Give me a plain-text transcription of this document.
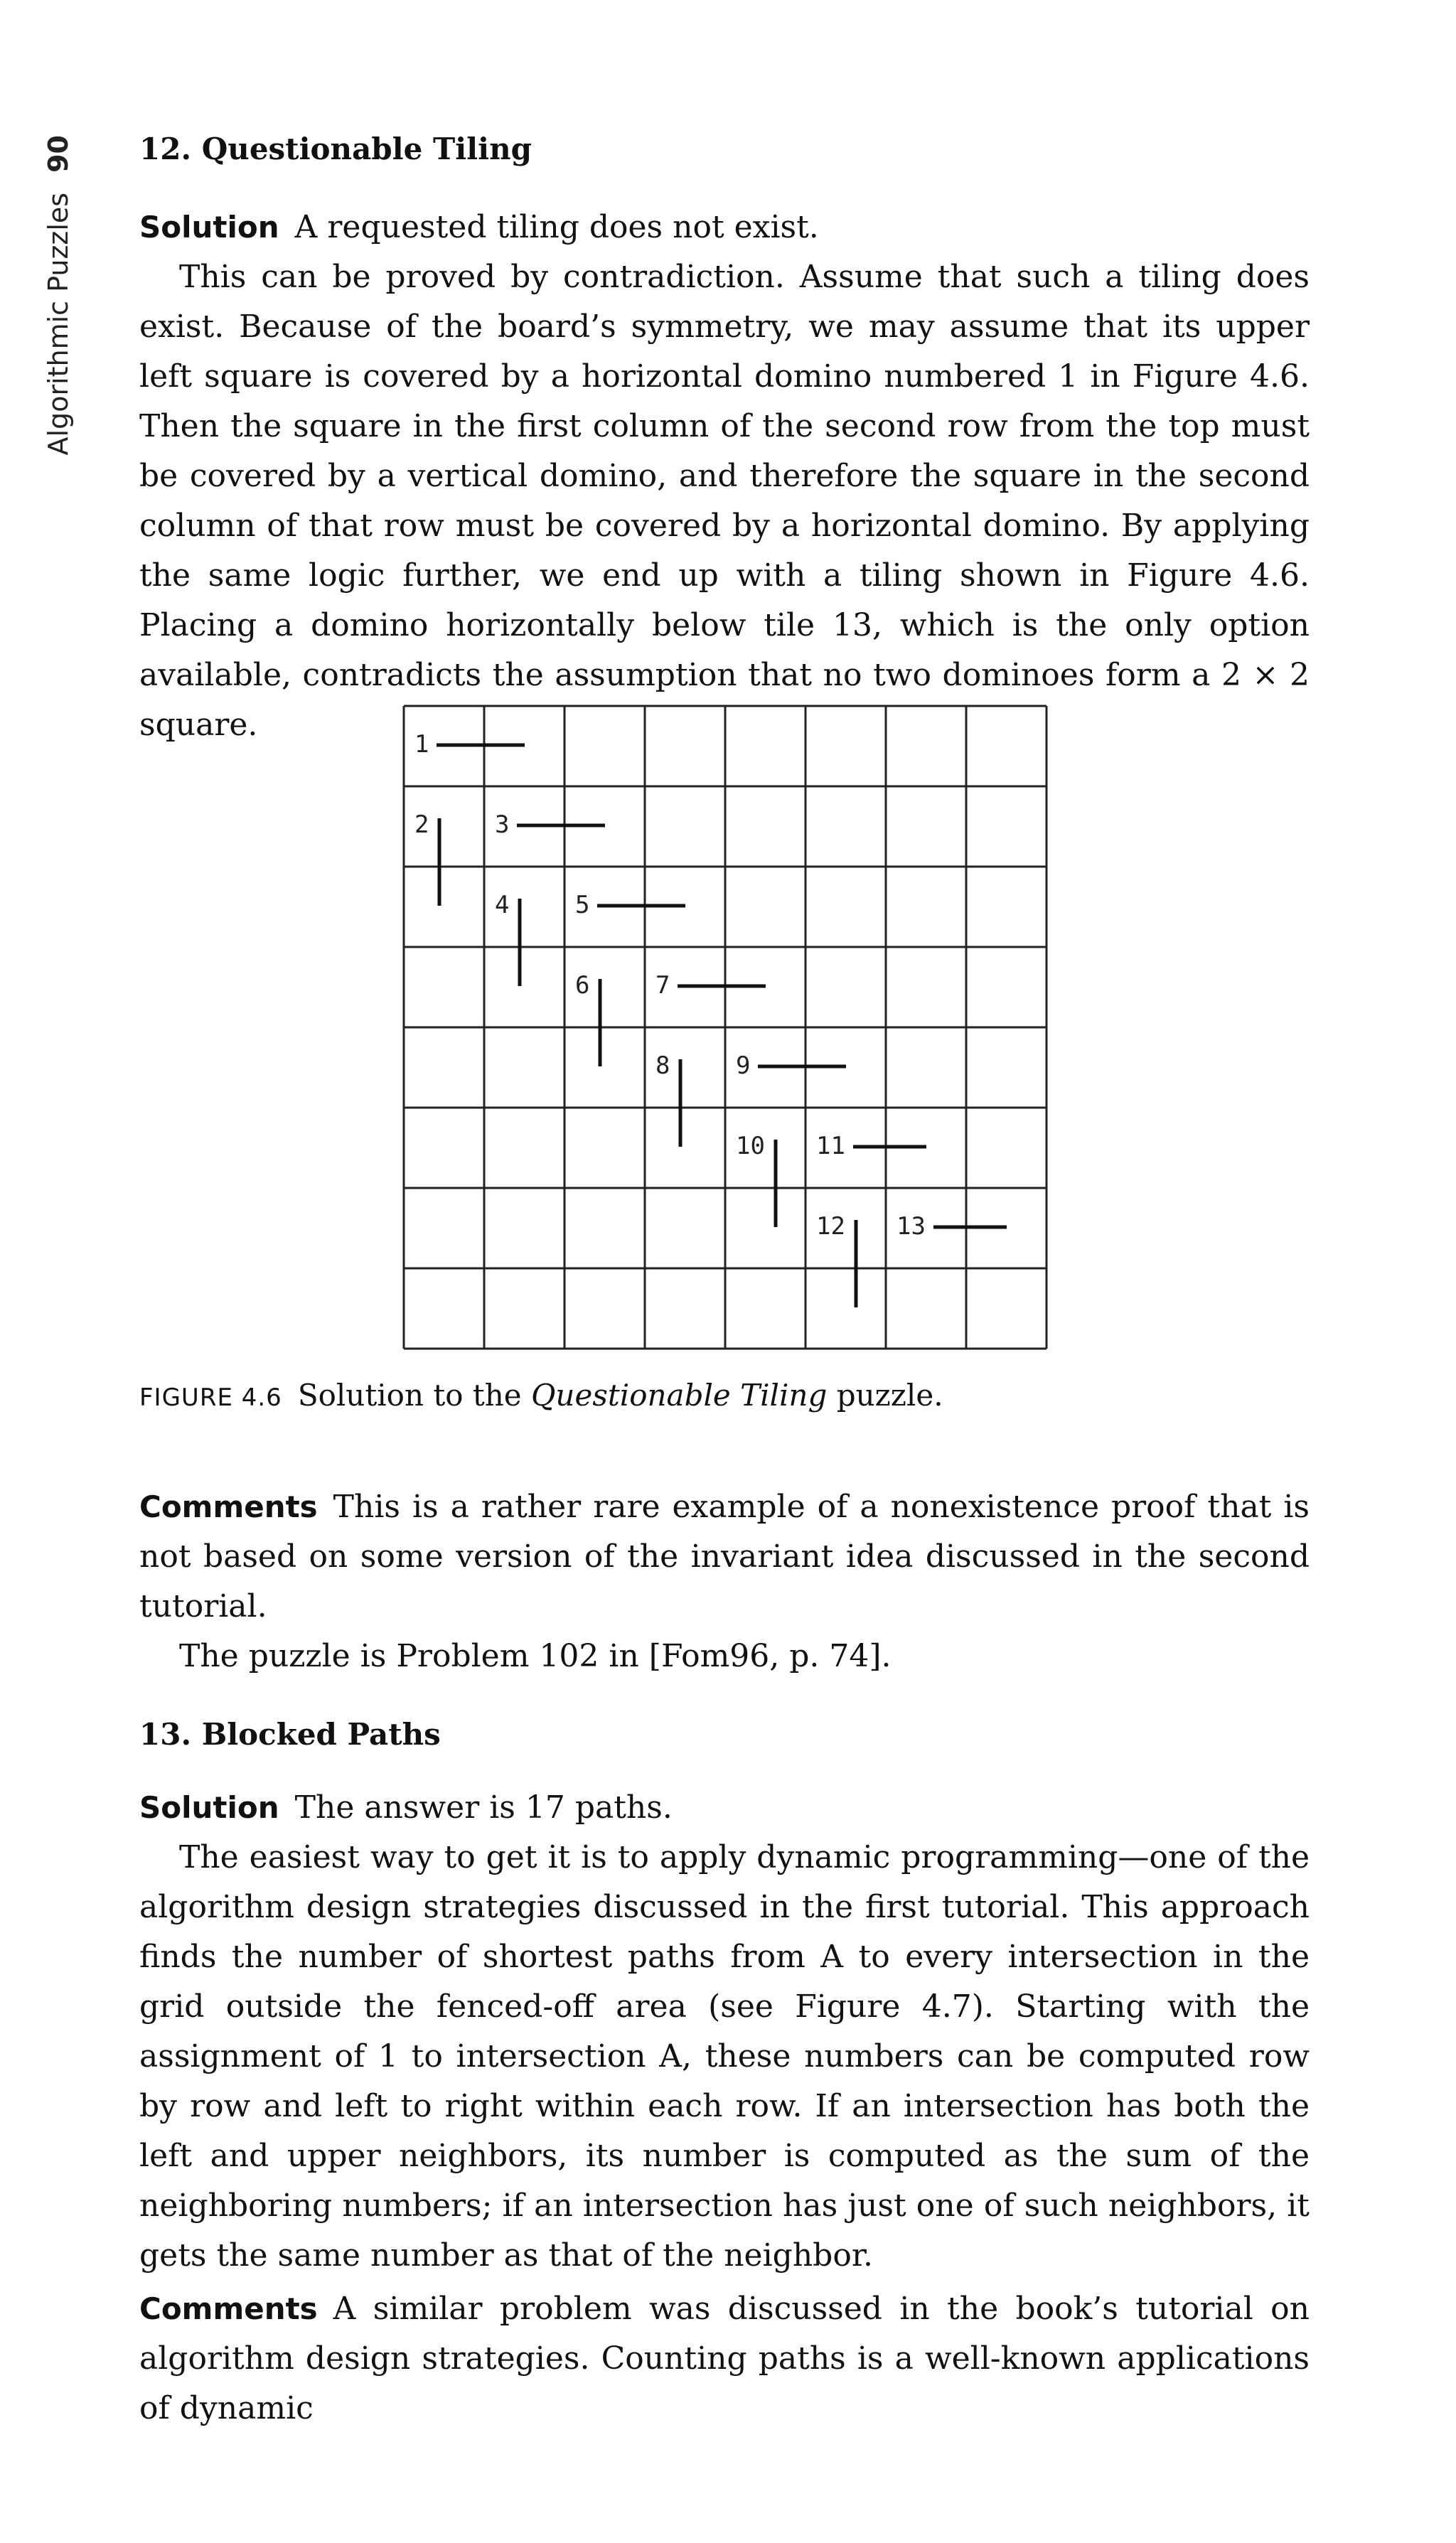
Algorithmic Puzzles
90 12. Questionable Tiling

Solution A requested tiling does not exist.

This can be proved by contradiction. Assume that such a tiling does exist. Because of the board’s symmetry, we may assume that its upper left square is covered by a horizontal domino numbered 1 in Figure 4.6. Then the square in the first column of the second row from the top must be covered by a vertical domino, and therefore the square in the second column of that row must be covered by a horizontal domino. By applying the same logic further, we end up with a tiling shown in Figure 4.6. Placing a domino horizontally below tile 13, which is the only option available, contradicts the assumption that no two dominoes form a 2 × 2 square.

1
2	3
4	5
6	7
8	9
10 11
12 13
FIGURE 4.6 Solution to the Questionable Tiling puzzle.

Comments This is a rather rare example of a nonexistence proof that is not based on some version of the invariant idea discussed in the second tutorial.

The puzzle is Problem 102 in [Fom96, p. 74].

13. Blocked Paths

Solution The answer is 17 paths.

The easiest way to get it is to apply dynamic programming—one of the algorithm design strategies discussed in the first tutorial. This approach finds the number of shortest paths from A to every intersection in the grid outside the fenced-off area (see Figure 4.7). Starting with the assignment of 1 to intersection A, these numbers can be computed row by row and left to right within each row. If an intersection has both the left and upper neighbors, its number is computed as the sum of the neighboring numbers; if an intersection has just one of such neighbors, it gets the same number as that of the neighbor.

Comments A similar problem was discussed in the book’s tutorial on algorithm design strategies. Counting paths is a well-known applications of dynamic
